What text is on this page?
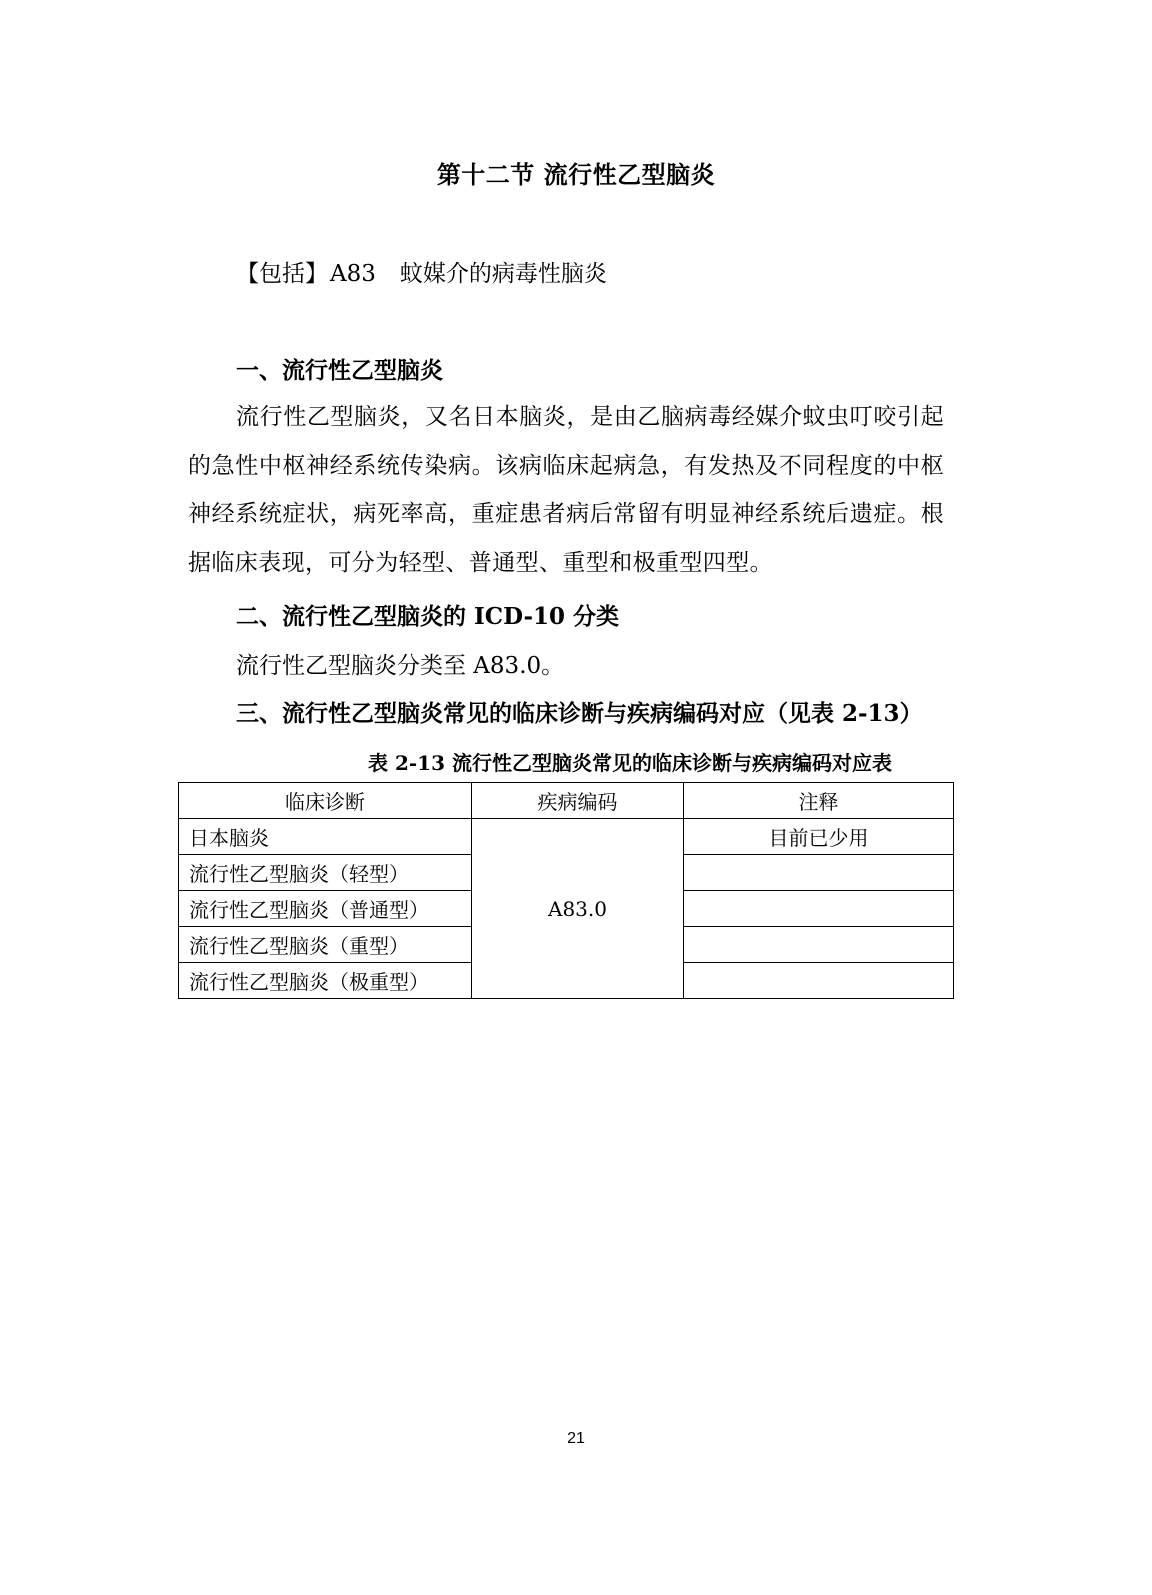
第十二节 流行性乙型脑炎
【包括】A83 蚊媒介的病毒性脑炎
一、流行性乙型脑炎
流行性乙型脑炎，又名日本脑炎，是由乙脑病毒经媒介蚊虫叮咬引起的急性中枢神经系统传染病。该病临床起病急，有发热及不同程度的中枢神经系统症状，病死率高，重症患者病后常留有明显神经系统后遗症。根据临床表现，可分为轻型、普通型、重型和极重型四型。
二、流行性乙型脑炎的 ICD-10 分类
流行性乙型脑炎分类至 A83.0。
三、流行性乙型脑炎常见的临床诊断与疾病编码对应（见表 2-13）
表 2-13 流行性乙型脑炎常见的临床诊断与疾病编码对应表
临床诊断	疾病编码	注释
日本脑炎	A83.0	目前已少用
流行性乙型脑炎（轻型）		
流行性乙型脑炎（普通型）		
流行性乙型脑炎（重型）		
流行性乙型脑炎（极重型）		
21
